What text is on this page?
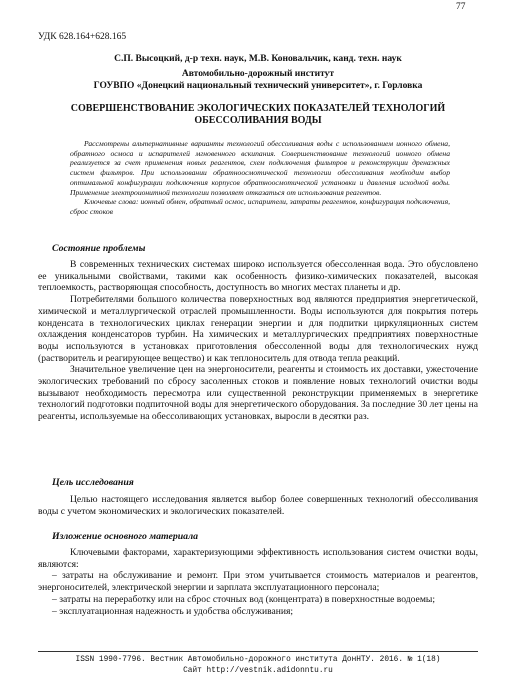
77
УДК 628.164+628.165
С.П. Высоцкий, д-р техн. наук, М.В. Коновальчик, канд. техн. наук
Автомобильно-дорожный институт
ГОУВПО «Донецкий национальный технический университет», г. Горловка
СОВЕРШЕНСТВОВАНИЕ ЭКОЛОГИЧЕСКИХ ПОКАЗАТЕЛЕЙ ТЕХНОЛОГИЙ ОБЕССОЛИВАНИЯ ВОДЫ

Рассмотрены альтернативные варианты технологий обессоливания воды с использованием ионного обмена, обратного осмоса и испарителей мгновенного вскипания. Совершенствование технологий ионного обмена реализуется за счет применения новых реагентов, схем подключения фильтров и реконструкции дренажных систем фильтров. При использовании обратноосмотической технологии обессоливания необходим выбор оптимальной конфигурации подключения корпусов обратноосмотической установки и давления исходной воды. Применение электроионитной технологии позволяет отказаться от использования реагентов.

Ключевые слова: ионный обмен, обратный осмос, испарители, затраты реагентов, конфигурация подключения, сброс стоков

Состояние проблемы

В современных технических системах широко используется обессоленная вода. Это обусловлено ее уникальными свойствами, такими как особенность физико-химических показателей, высокая теплоемкость, растворяющая способность, доступность во многих местах планеты и др.

Потребителями большого количества поверхностных вод являются предприятия энергетической, химической и металлургической отраслей промышленности. Воды используются для покрытия потерь конденсата в технологических циклах генерации энергии и для подпитки циркуляционных систем охлаждения конденсаторов турбин. На химических и металлургических предприятиях поверхностные воды используются в установках приготовления обессоленной воды для технологических нужд (растворитель и реагирующее вещество) и как теплоноситель для отвода тепла реакций.

Значительное увеличение цен на энергоносители, реагенты и стоимость их доставки, ужесточение экологических требований по сбросу засоленных стоков и появление новых технологий очистки воды вызывают необходимость пересмотра или существенной реконструкции применяемых в энергетике технологий подготовки подпиточной воды для энергетического оборудования. За последние 30 лет цены на реагенты, используемые на обессоливающих установках, выросли в десятки раз.

Цель исследования

Целью настоящего исследования является выбор более совершенных технологий обессоливания воды с учетом экономических и экологических показателей.

Изложение основного материала

Ключевыми факторами, характеризующими эффективность использования систем очистки воды, являются:

– затраты на обслуживание и ремонт. При этом учитывается стоимость материалов и реагентов, энергоносителей, электрической энергии и зарплата эксплуатационного персонала;

– затраты на переработку или на сброс сточных вод (концентрата) в поверхностные водоемы;

– эксплуатационная надежность и удобства обслуживания;

ISSN 1990-7796. Вестник Автомобильно-дорожного института ДонНТУ. 2016. № 1(18)
Сайт http://vestnik.adidonntu.ru
